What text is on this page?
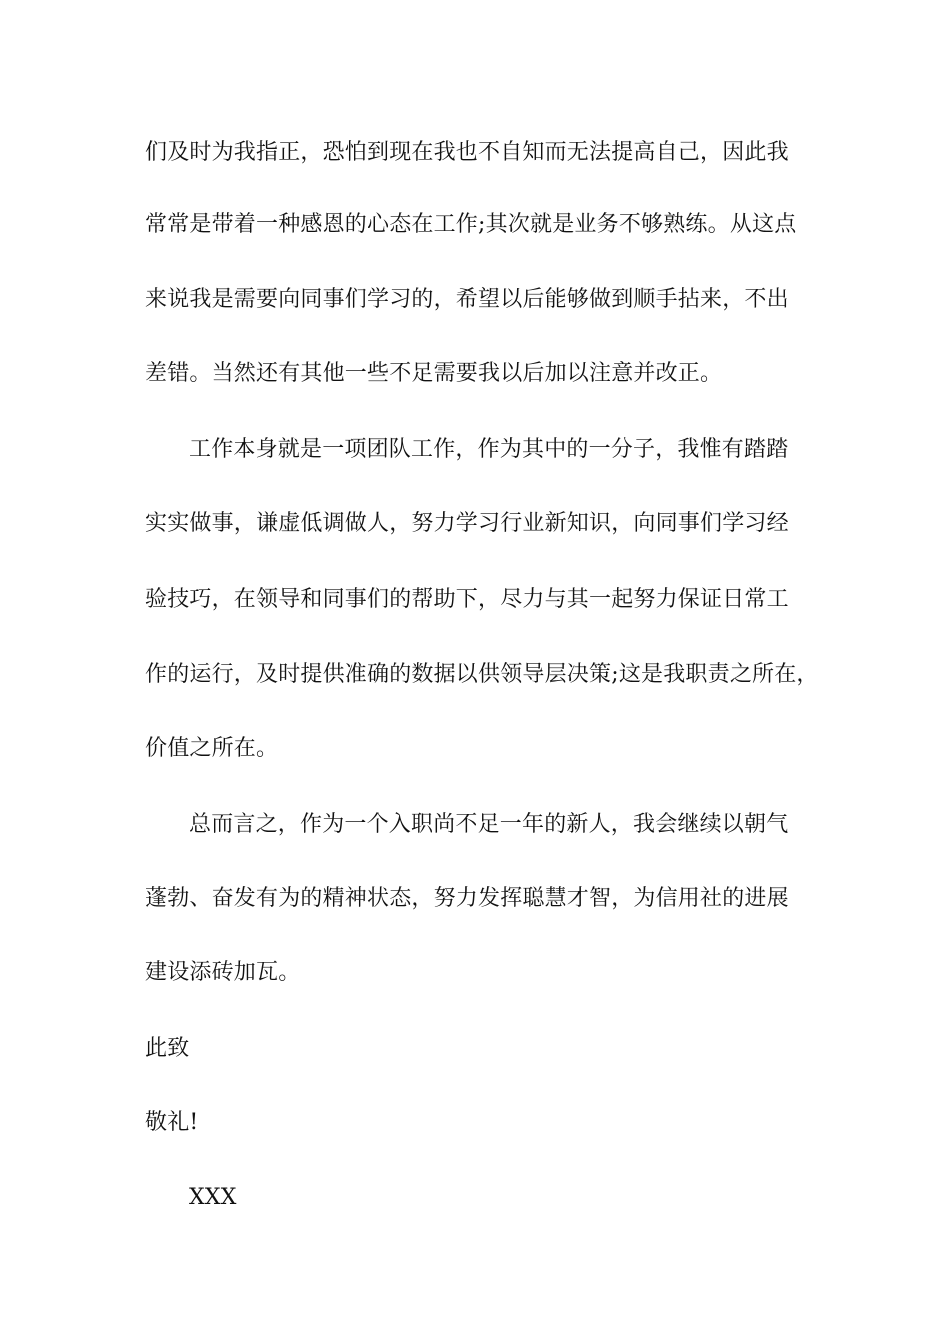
们及时为我指正，恐怕到现在我也不自知而无法提高自己，因此我
常常是带着一种感恩的心态在工作;其次就是业务不够熟练。从这点
来说我是需要向同事们学习的，希望以后能够做到顺手拈来，不出
差错。当然还有其他一些不足需要我以后加以注意并改正。
工作本身就是一项团队工作，作为其中的一分子，我惟有踏踏
实实做事，谦虚低调做人，努力学习行业新知识，向同事们学习经
验技巧，在领导和同事们的帮助下，尽力与其一起努力保证日常工
作的运行，及时提供准确的数据以供领导层决策;这是我职责之所在，
价值之所在。
总而言之，作为一个入职尚不足一年的新人，我会继续以朝气
蓬勃、奋发有为的精神状态，努力发挥聪慧才智，为信用社的进展
建设添砖加瓦。
此致
敬礼!
XXX
